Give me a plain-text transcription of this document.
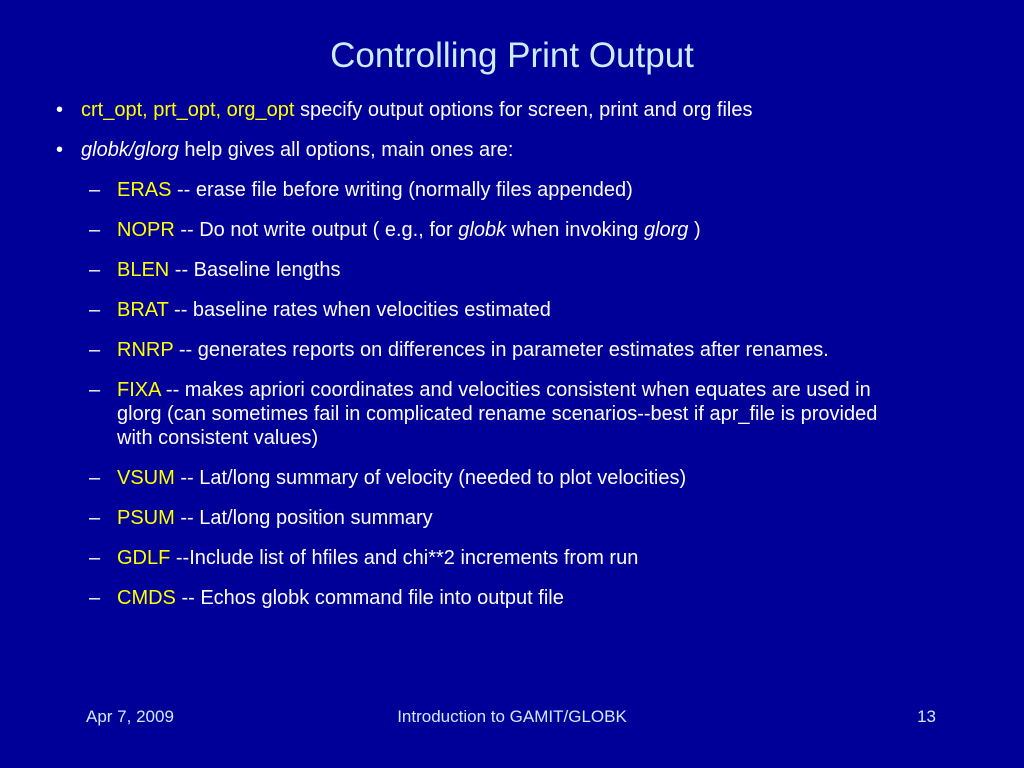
Controlling Print Output
• crt_opt, prt_opt, org_opt specify output options for screen, print and org files
• globk/glorg help gives all options, main ones are:
– ERAS -- erase file before writing (normally files appended)
– NOPR -- Do not write output ( e.g., for globk when invoking glorg )
– BLEN -- Baseline lengths
– BRAT -- baseline rates when velocities estimated
– RNRP -- generates reports on differences in parameter estimates after renames.
– FIXA -- makes apriori coordinates and velocities consistent when equates are used in glorg (can sometimes fail in complicated rename scenarios--best if apr_file is provided with consistent values)
– VSUM -- Lat/long summary of velocity (needed to plot velocities)
– PSUM -- Lat/long position summary
– GDLF --Include list of hfiles and chi**2 increments from run
– CMDS -- Echos globk command file into output file
Apr 7, 2009	Introduction to GAMIT/GLOBK	13
